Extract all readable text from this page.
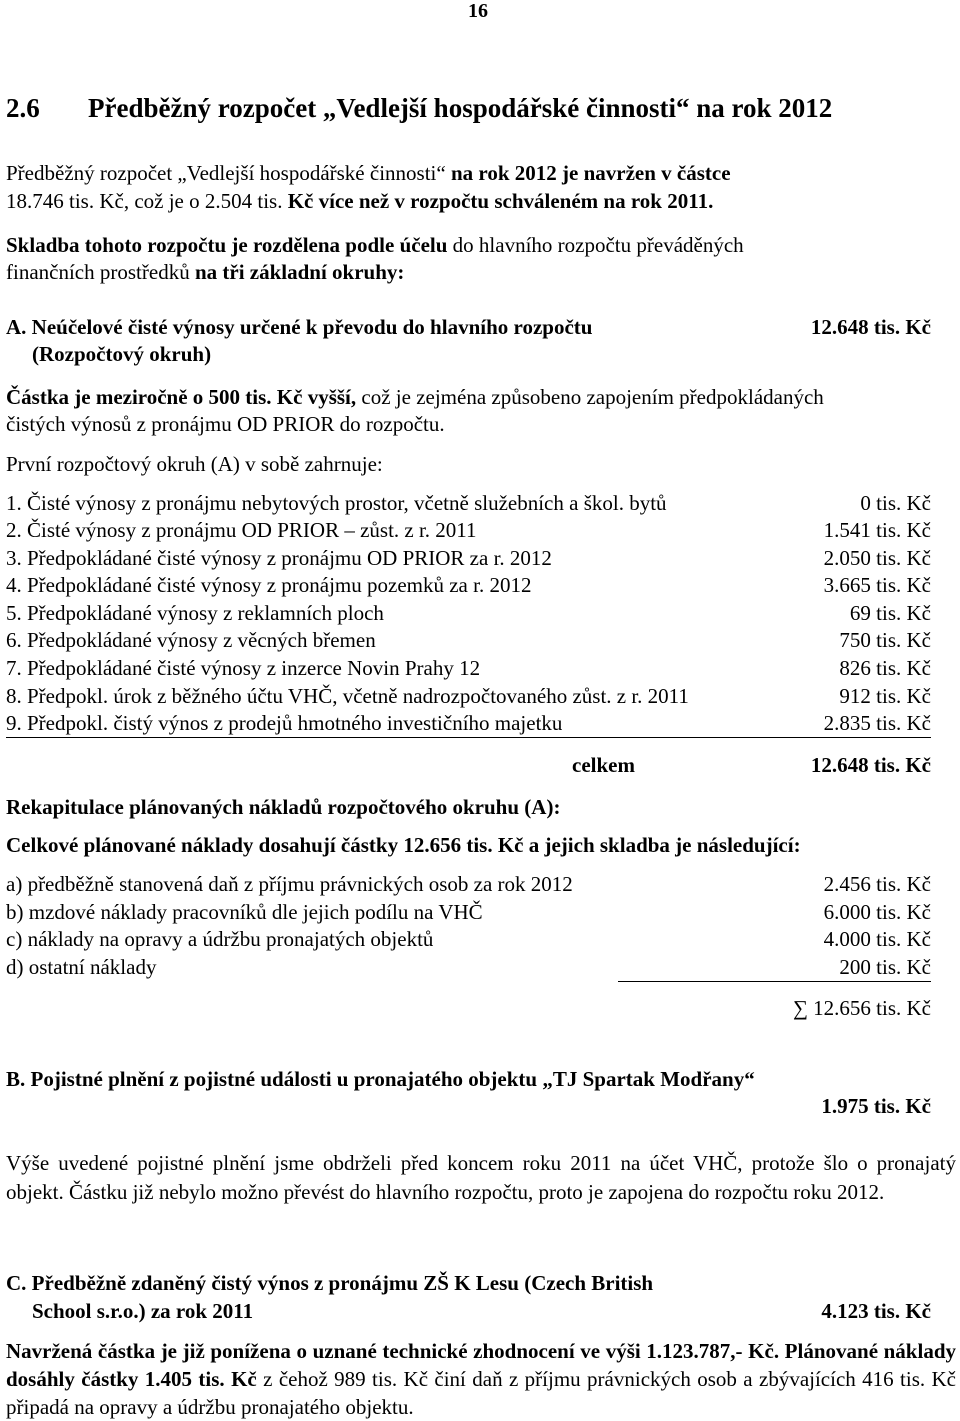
16
2.6 Předběžný rozpočet „Vedlejší hospodářské činnosti“ na rok 2012
Předběžný rozpočet „Vedlejší hospodářské činnosti“ na rok 2012 je navržen v částce
18.746 tis. Kč, což je o 2.504 tis. Kč více než v rozpočtu schváleném na rok 2011.
Skladba tohoto rozpočtu je rozdělena podle účelu do hlavního rozpočtu převáděných
finančních prostředků na tři základní okruhy:
A. Neúčelové čisté výnosy určené k převodu do hlavního rozpočtu	12.648 tis. Kč
(Rozpočtový okruh)
Částka je meziročně o 500 tis. Kč vyšší, což je zejména způsobeno zapojením předpokládaných
čistých výnosů z pronájmu OD PRIOR do rozpočtu.
První rozpočtový okruh (A) v sobě zahrnuje:
1. Čisté výnosy z pronájmu nebytových prostor, včetně služebních a škol. bytů	0 tis. Kč
2. Čisté výnosy z pronájmu OD PRIOR – zůst. z r. 2011	1.541 tis. Kč
3. Předpokládané čisté výnosy z pronájmu OD PRIOR za r. 2012	2.050 tis. Kč
4. Předpokládané čisté výnosy z pronájmu pozemků za r. 2012	3.665 tis. Kč
5. Předpokládané výnosy z reklamních ploch	69 tis. Kč
6. Předpokládané výnosy z věcných břemen	750 tis. Kč
7. Předpokládané čisté výnosy z inzerce Novin Prahy 12	826 tis. Kč
8. Předpokl. úrok z běžného účtu VHČ, včetně nadrozpočtovaného zůst. z r. 2011	912 tis. Kč
9. Předpokl. čistý výnos z prodejů hmotného investičního majetku	2.835 tis. Kč
celkem	12.648 tis. Kč
Rekapitulace plánovaných nákladů rozpočtového okruhu (A):
Celkové plánované náklady dosahují částky 12.656 tis. Kč a jejich skladba je následující:
a) předběžně stanovená daň z příjmu právnických osob za rok 2012	2.456 tis. Kč
b) mzdové náklady pracovníků dle jejich podílu na VHČ	6.000 tis. Kč
c) náklady na opravy a údržbu pronajatých objektů	4.000 tis. Kč
d) ostatní náklady	200 tis. Kč
∑ 12.656 tis. Kč
B. Pojistné plnění z pojistné události u pronajatého objektu „TJ Spartak Modřany“
1.975 tis. Kč
Výše uvedené pojistné plnění jsme obdrželi před koncem roku 2011 na účet VHČ, protože šlo o pronajatý objekt. Částku již nebylo možno převést do hlavního rozpočtu, proto je zapojena do rozpočtu roku 2012.
C. Předběžně zdaněný čistý výnos z pronájmu ZŠ K Lesu (Czech British
School s.r.o.) za rok 2011	4.123 tis. Kč
Navržená částka je již ponížena o uznané technické zhodnocení ve výši 1.123.787,- Kč. Plánované náklady dosáhly částky 1.405 tis. Kč z čehož 989 tis. Kč činí daň z příjmu právnických osob a zbývajících 416 tis. Kč připadá na opravy a údržbu pronajatého objektu.
